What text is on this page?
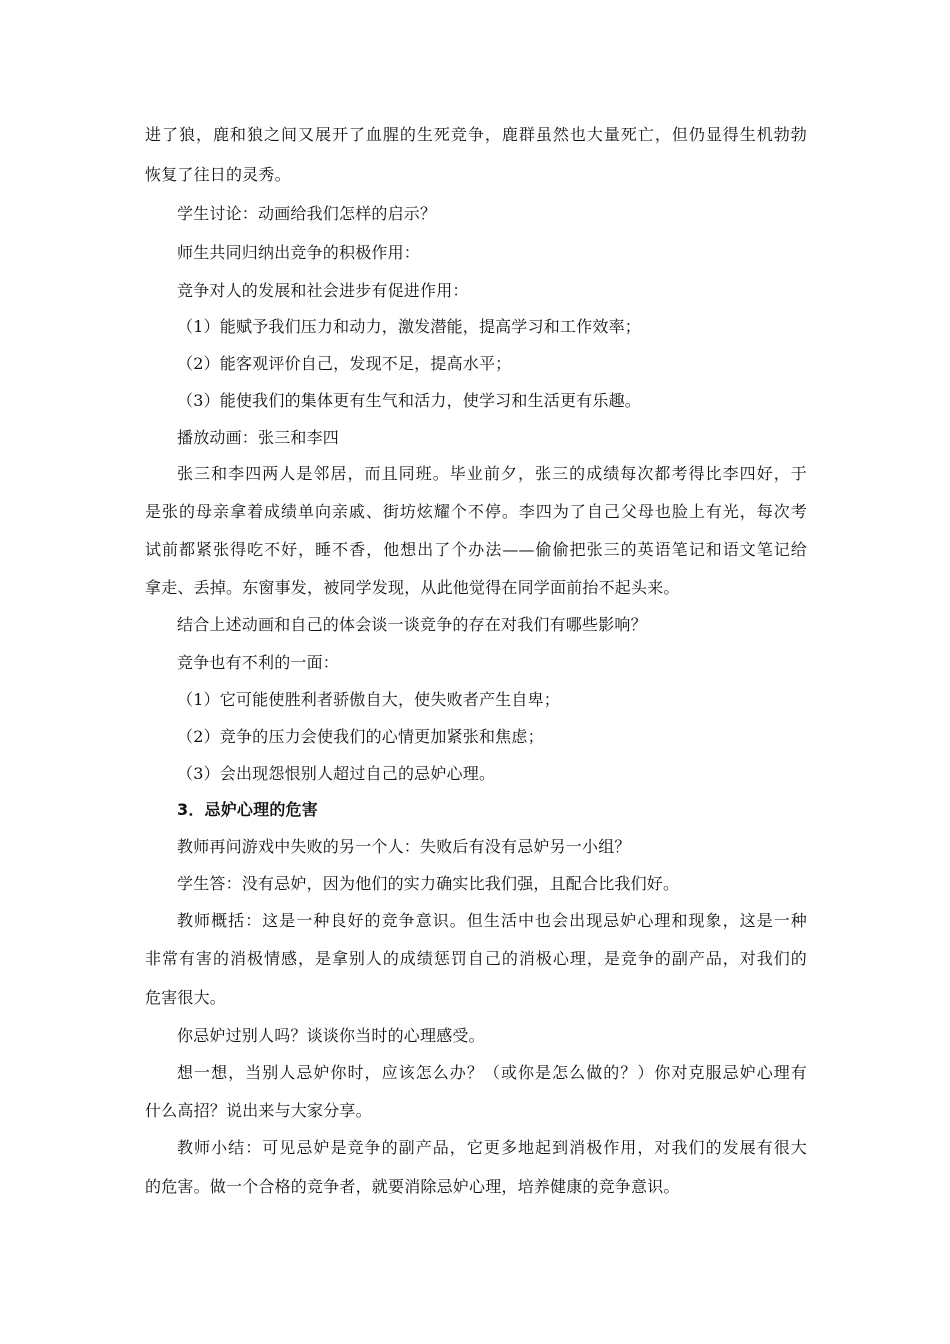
进了狼，鹿和狼之间又展开了血腥的生死竞争，鹿群虽然也大量死亡，但仍显得生机勃勃
恢复了往日的灵秀。
学生讨论：动画给我们怎样的启示？
师生共同归纳出竞争的积极作用：
竞争对人的发展和社会进步有促进作用：
（1）能赋予我们压力和动力，激发潜能，提高学习和工作效率；
（2）能客观评价自己，发现不足，提高水平；
（3）能使我们的集体更有生气和活力，使学习和生活更有乐趣。
播放动画：张三和李四
张三和李四两人是邻居，而且同班。毕业前夕，张三的成绩每次都考得比李四好，于
是张的母亲拿着成绩单向亲戚、街坊炫耀个不停。李四为了自己父母也脸上有光，每次考
试前都紧张得吃不好，睡不香，他想出了个办法——偷偷把张三的英语笔记和语文笔记给
拿走、丢掉。东窗事发，被同学发现，从此他觉得在同学面前抬不起头来。
结合上述动画和自己的体会谈一谈竞争的存在对我们有哪些影响？
竞争也有不利的一面：
（1）它可能使胜利者骄傲自大，使失败者产生自卑；
（2）竞争的压力会使我们的心情更加紧张和焦虑；
（3）会出现怨恨别人超过自己的忌妒心理。
3．忌妒心理的危害
教师再问游戏中失败的另一个人：失败后有没有忌妒另一小组？
学生答：没有忌妒，因为他们的实力确实比我们强，且配合比我们好。
教师概括：这是一种良好的竞争意识。但生活中也会出现忌妒心理和现象，这是一种
非常有害的消极情感，是拿别人的成绩惩罚自己的消极心理，是竞争的副产品，对我们的
危害很大。
你忌妒过别人吗？谈谈你当时的心理感受。
想一想，当别人忌妒你时，应该怎么办？（或你是怎么做的？）你对克服忌妒心理有
什么高招？说出来与大家分享。
教师小结：可见忌妒是竞争的副产品，它更多地起到消极作用，对我们的发展有很大
的危害。做一个合格的竞争者，就要消除忌妒心理，培养健康的竞争意识。
